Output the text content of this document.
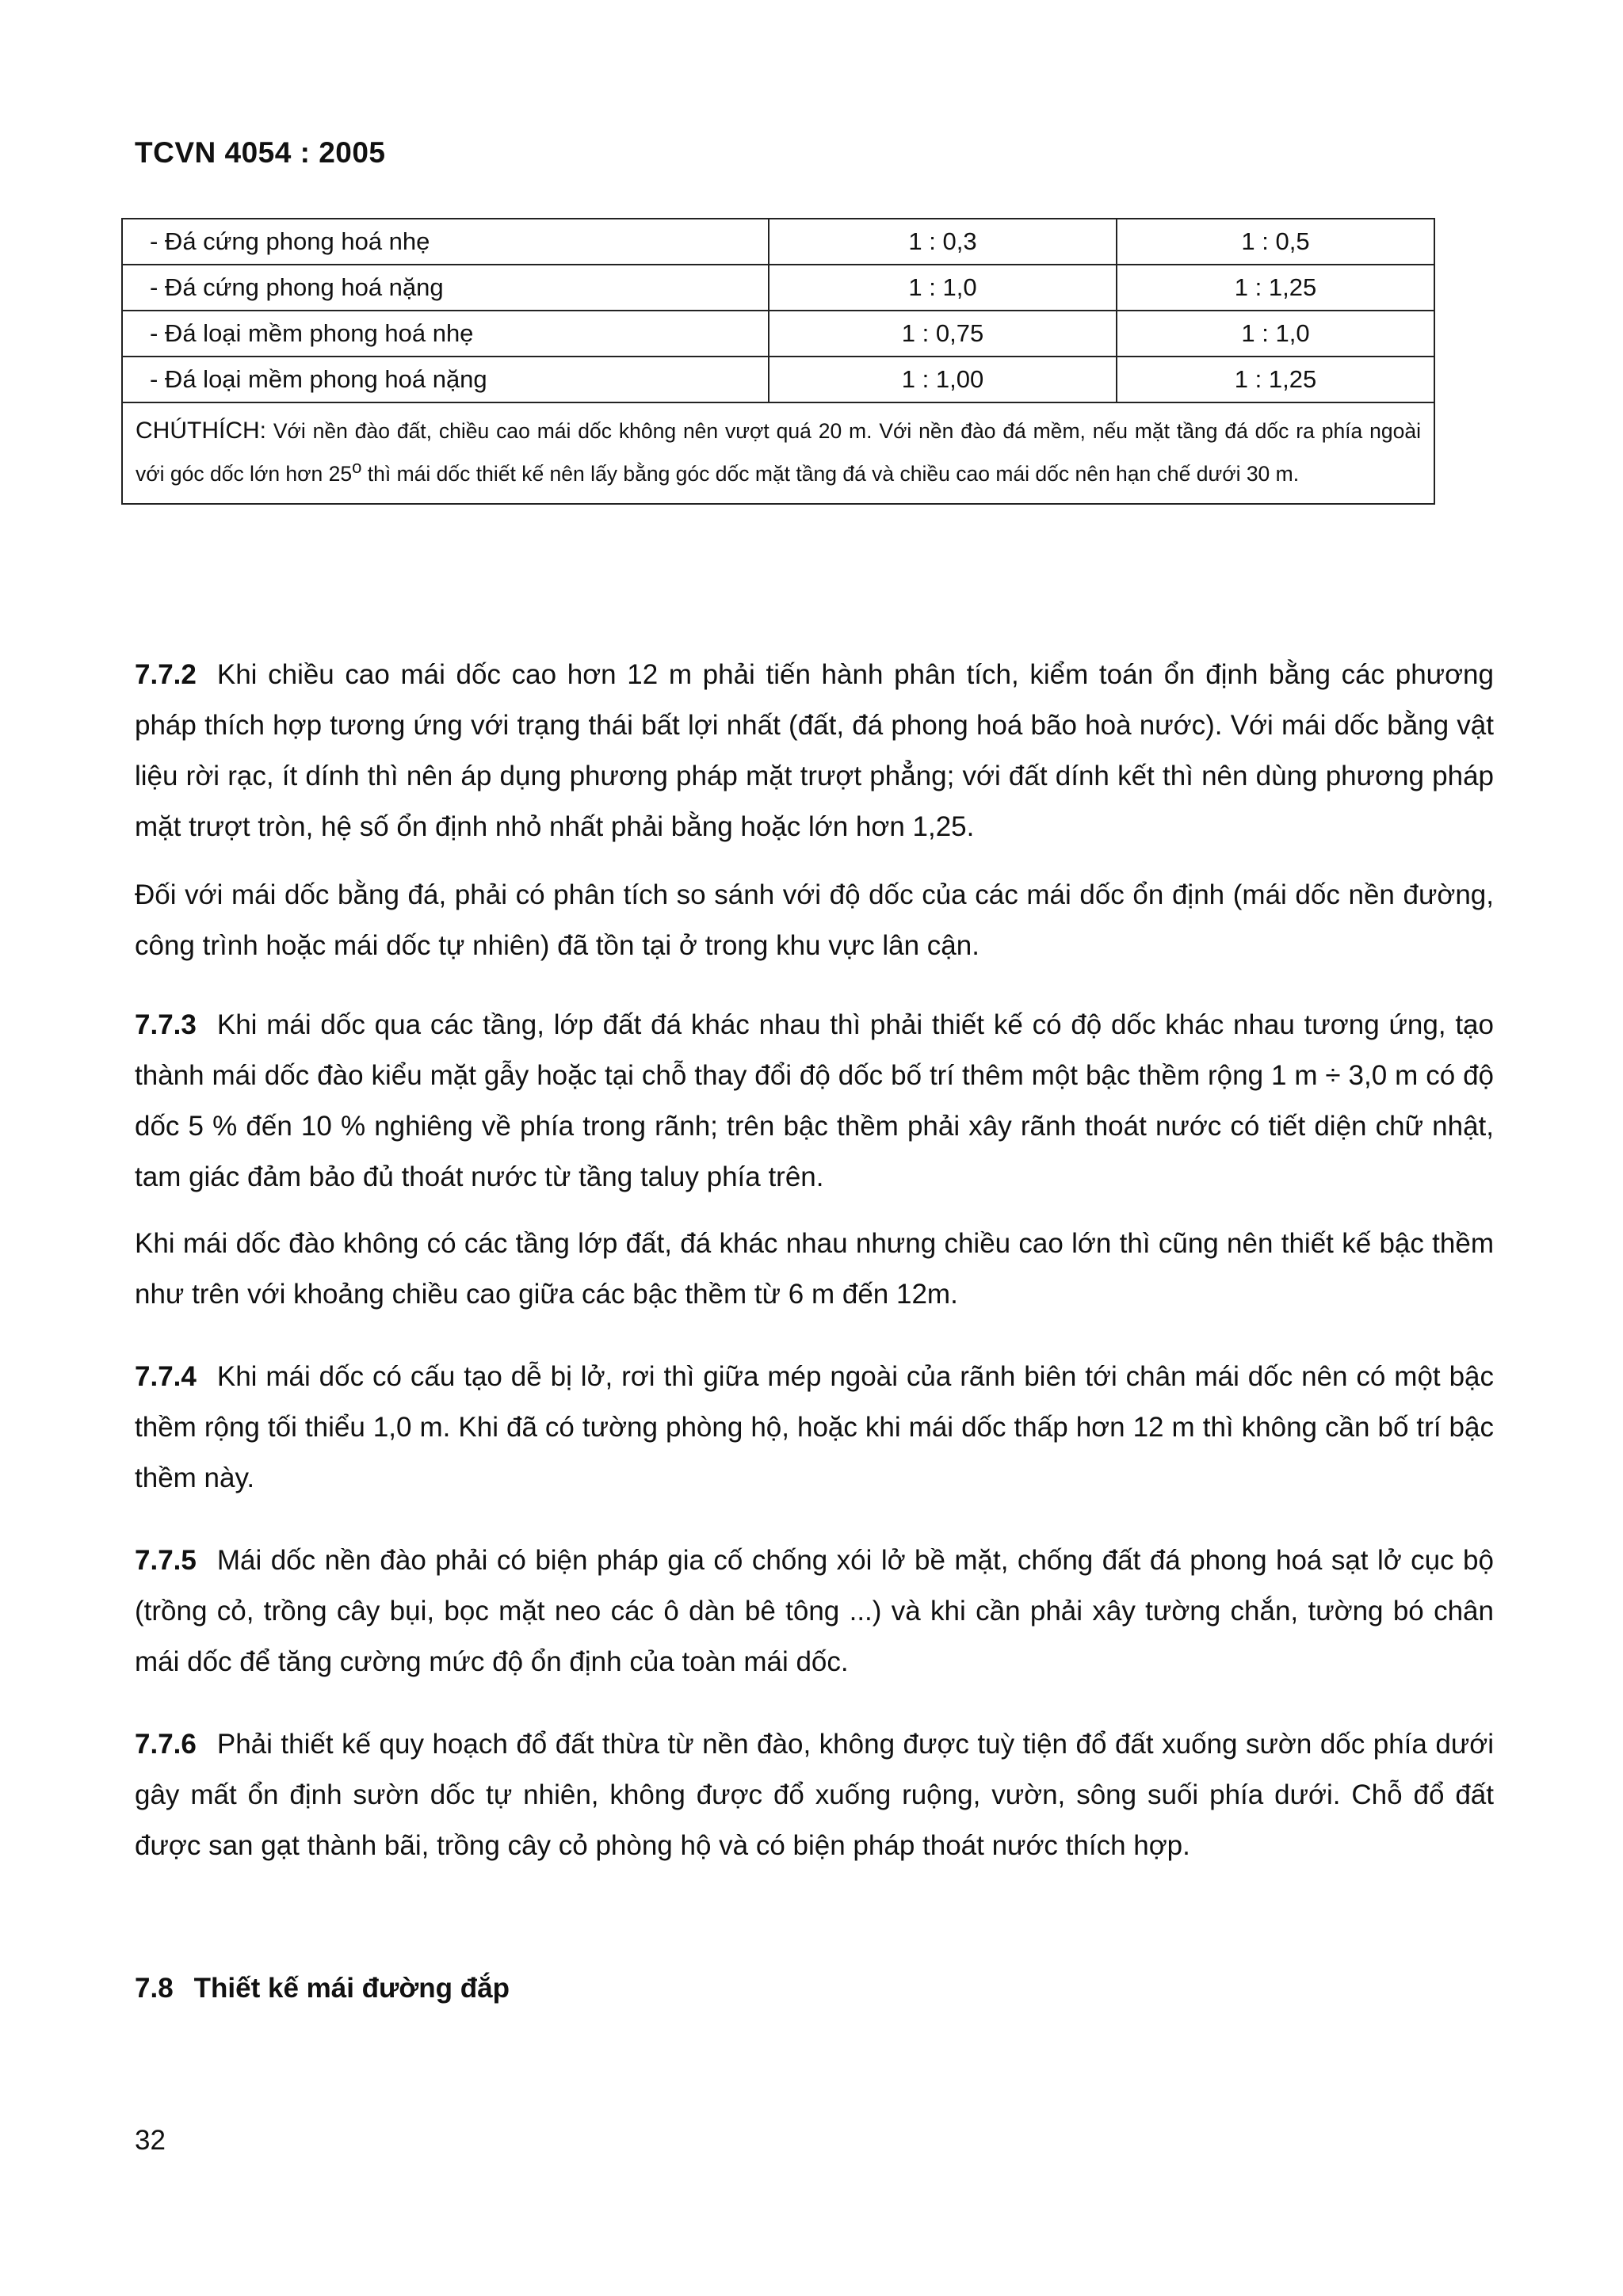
TCVN 4054 : 2005
- Đá cứng phong hoá nhẹ	1 : 0,3	1 : 0,5
- Đá cứng phong hoá nặng	1 : 1,0	1 : 1,25
- Đá loại mềm phong hoá nhẹ	1 : 0,75	1 : 1,0
- Đá loại mềm phong hoá nặng	1 : 1,00	1 : 1,25
CHÚTHÍCH: Với nền đào đất, chiều cao mái dốc không nên vượt quá 20 m. Với nền đào đá mềm, nếu mặt tầng đá dốc ra phía ngoài với góc dốc lớn hơn 25$^o$ thì mái dốc thiết kế nên lấy bằng góc dốc mặt tầng đá và chiều cao mái dốc nên hạn chế dưới 30 m.		

7.7.2 Khi chiều cao mái dốc cao hơn 12 m phải tiến hành phân tích, kiểm toán ổn định bằng các phương pháp thích hợp tương ứng với trạng thái bất lợi nhất (đất, đá phong hoá bão hoà nước). Với mái dốc bằng vật liệu rời rạc, ít dính thì nên áp dụng phương pháp mặt trượt phẳng; với đất dính kết thì nên dùng phương pháp mặt trượt tròn, hệ số ổn định nhỏ nhất phải bằng hoặc lớn hơn 1,25.

Đối với mái dốc bằng đá, phải có phân tích so sánh với độ dốc của các mái dốc ổn định (mái dốc nền đường, công trình hoặc mái dốc tự nhiên) đã tồn tại ở trong khu vực lân cận.

7.7.3 Khi mái dốc qua các tầng, lớp đất đá khác nhau thì phải thiết kế có độ dốc khác nhau tương ứng, tạo thành mái dốc đào kiểu mặt gẫy hoặc tại chỗ thay đổi độ dốc bố trí thêm một bậc thềm rộng 1 m ÷ 3,0 m có độ dốc 5 % đến 10 % nghiêng về phía trong rãnh; trên bậc thềm phải xây rãnh thoát nước có tiết diện chữ nhật, tam giác đảm bảo đủ thoát nước từ tầng taluy phía trên.

Khi mái dốc đào không có các tầng lớp đất, đá khác nhau nhưng chiều cao lớn thì cũng nên thiết kế bậc thềm như trên với khoảng chiều cao giữa các bậc thềm từ 6 m đến 12m.

7.7.4 Khi mái dốc có cấu tạo dễ bị lở, rơi thì giữa mép ngoài của rãnh biên tới chân mái dốc nên có một bậc thềm rộng tối thiểu 1,0 m. Khi đã có tường phòng hộ, hoặc khi mái dốc thấp hơn 12 m thì không cần bố trí bậc thềm này.

7.7.5 Mái dốc nền đào phải có biện pháp gia cố chống xói lở bề mặt, chống đất đá phong hoá sạt lở cục bộ (trồng cỏ, trồng cây bụi, bọc mặt neo các ô dàn bê tông ...) và khi cần phải xây tường chắn, tường bó chân mái dốc để tăng cường mức độ ổn định của toàn mái dốc.

7.7.6 Phải thiết kế quy hoạch đổ đất thừa từ nền đào, không được tuỳ tiện đổ đất xuống sườn dốc phía dưới gây mất ổn định sườn dốc tự nhiên, không được đổ xuống ruộng, vườn, sông suối phía dưới. Chỗ đổ đất được san gạt thành bãi, trồng cây cỏ phòng hộ và có biện pháp thoát nước thích hợp.

7.8 Thiết kế mái đường đắp

32
